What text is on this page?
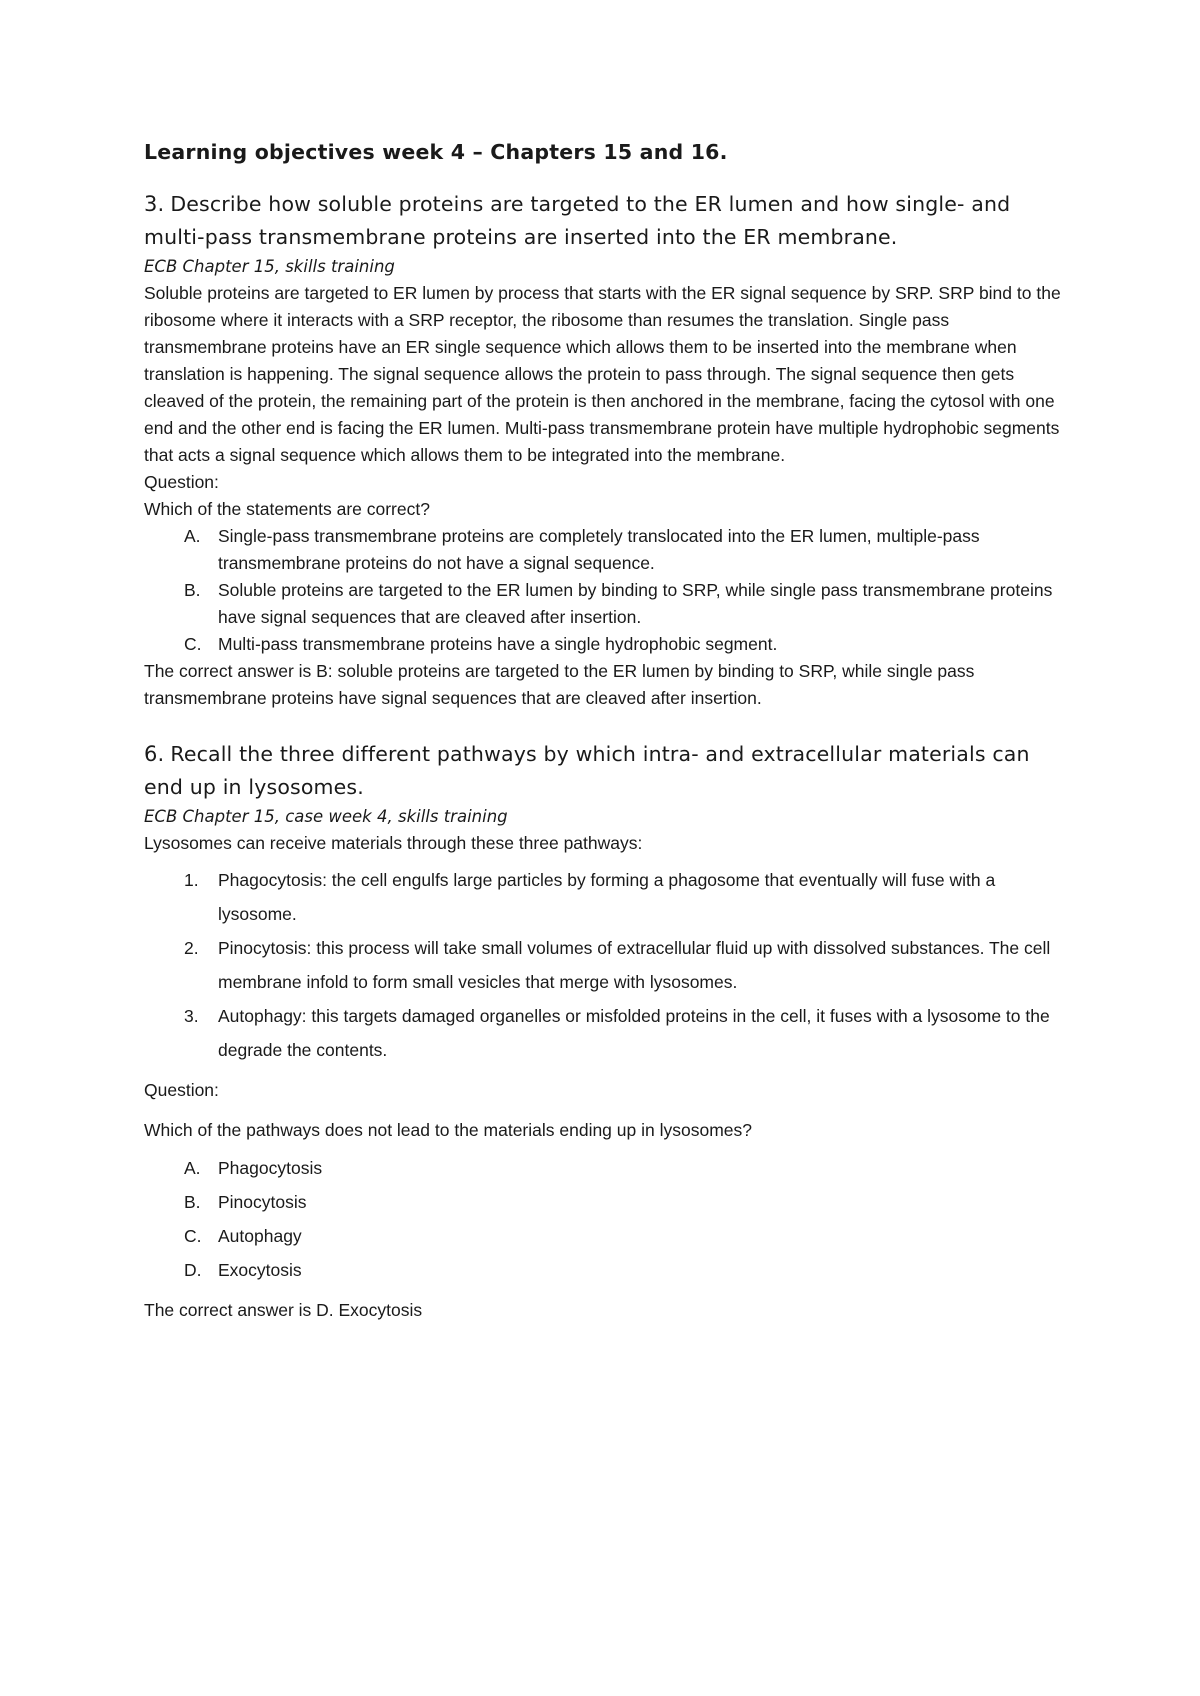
Learning objectives week 4 – Chapters 15 and 16.

3. Describe how soluble proteins are targeted to the ER lumen and how single- and multi-pass transmembrane proteins are inserted into the ER membrane.

ECB Chapter 15, skills training

Soluble proteins are targeted to ER lumen by process that starts with the ER signal sequence by SRP. SRP bind to the ribosome where it interacts with a SRP receptor, the ribosome than resumes the translation. Single pass transmembrane proteins have an ER single sequence which allows them to be inserted into the membrane when translation is happening. The signal sequence allows the protein to pass through. The signal sequence then gets cleaved of the protein, the remaining part of the protein is then anchored in the membrane, facing the cytosol with one end and the other end is facing the ER lumen. Multi-pass transmembrane protein have multiple hydrophobic segments that acts a signal sequence which allows them to be integrated into the membrane.

Question:

Which of the statements are correct?

A. Single-pass transmembrane proteins are completely translocated into the ER lumen, multiple-pass transmembrane proteins do not have a signal sequence.
B. Soluble proteins are targeted to the ER lumen by binding to SRP, while single pass transmembrane proteins have signal sequences that are cleaved after insertion.
C. Multi-pass transmembrane proteins have a single hydrophobic segment.

The correct answer is B: soluble proteins are targeted to the ER lumen by binding to SRP, while single pass transmembrane proteins have signal sequences that are cleaved after insertion.

6. Recall the three different pathways by which intra- and extracellular materials can end up in lysosomes.

ECB Chapter 15, case week 4, skills training

Lysosomes can receive materials through these three pathways:

1.	Phagocytosis: the cell engulfs large particles by forming a phagosome that eventually will fuse with a lysosome.
2.	Pinocytosis: this process will take small volumes of extracellular fluid up with dissolved substances. The cell membrane infold to form small vesicles that merge with lysosomes.
3.	Autophagy: this targets damaged organelles or misfolded proteins in the cell, it fuses with a lysosome to the degrade the contents.

Question:

Which of the pathways does not lead to the materials ending up in lysosomes?

A. Phagocytosis
B. Pinocytosis
C. Autophagy
D. Exocytosis

The correct answer is D. Exocytosis
